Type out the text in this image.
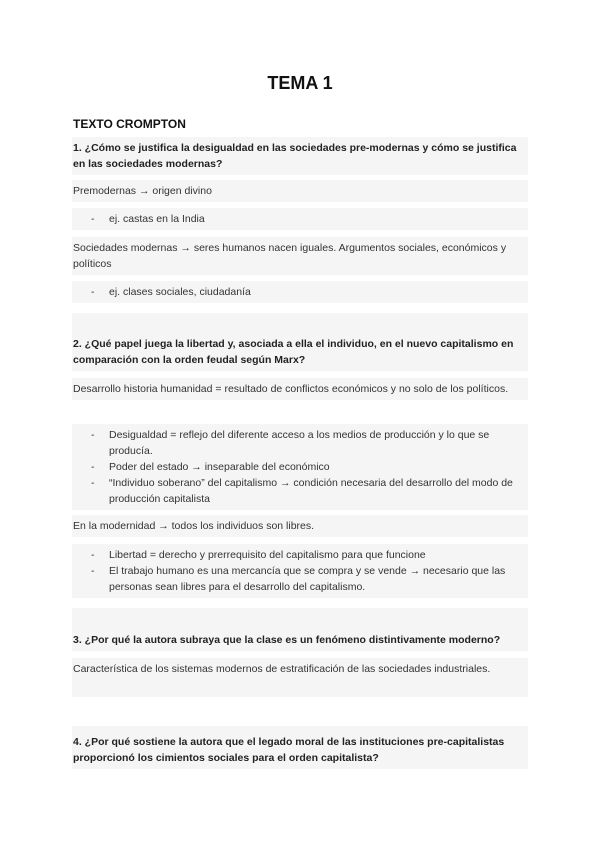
TEMA 1
TEXTO CROMPTON
1. ¿Cómo se justifica la desigualdad en las sociedades pre-modernas y cómo se justifica en las sociedades modernas?
Premodernas → origen divino
- ej. castas en la India
Sociedades modernas → seres humanos nacen iguales. Argumentos sociales, económicos y políticos
- ej. clases sociales, ciudadanía
2. ¿Qué papel juega la libertad y, asociada a ella el individuo, en el nuevo capitalismo en comparación con la orden feudal según Marx?
Desarrollo historia humanidad = resultado de conflictos económicos y no solo de los políticos.
- Desigualdad = reflejo del diferente acceso a los medios de producción y lo que se producía.
- Poder del estado → inseparable del económico
- “Individuo soberano” del capitalismo → condición necesaria del desarrollo del modo de producción capitalista
En la modernidad → todos los individuos son libres.
- Libertad = derecho y prerrequisito del capitalismo para que funcione
- El trabajo humano es una mercancía que se compra y se vende → necesario que las personas sean libres para el desarrollo del capitalismo.
3. ¿Por qué la autora subraya que la clase es un fenómeno distintivamente moderno?
Característica de los sistemas modernos de estratificación de las sociedades industriales.
4. ¿Por qué sostiene la autora que el legado moral de las instituciones pre-capitalistas proporcionó los cimientos sociales para el orden capitalista?
